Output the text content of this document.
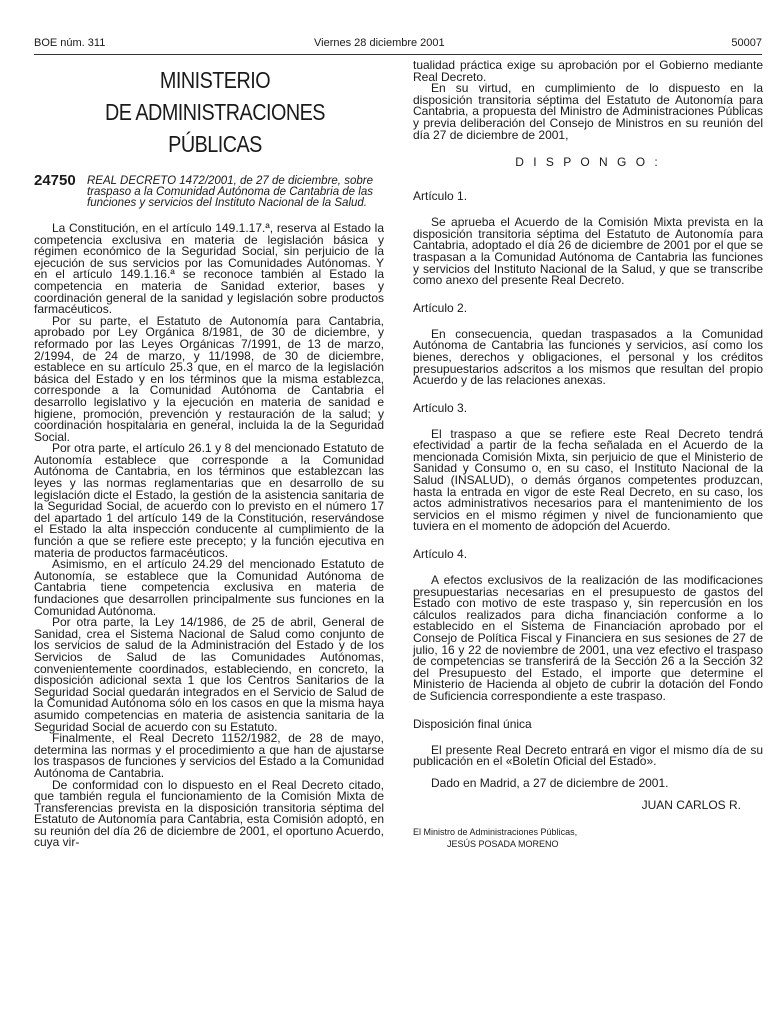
BOE núm. 311	Viernes 28 diciembre 2001	50007
MINISTERIO
DE ADMINISTRACIONES
PÚBLICAS
24750 REAL DECRETO 1472/2001, de 27 de diciembre, sobre traspaso a la Comunidad Autónoma de Cantabria de las funciones y servicios del Instituto Nacional de la Salud.

La Constitución, en el artículo 149.1.17.ª, reserva al Estado la competencia exclusiva en materia de legislación básica y régimen económico de la Seguridad Social, sin perjuicio de la ejecución de sus servicios por las Comunidades Autónomas. Y en el artículo 149.1.16.ª se reconoce también al Estado la competencia en materia de Sanidad exterior, bases y coordinación general de la sanidad y legislación sobre productos farmacéuticos.

Por su parte, el Estatuto de Autonomía para Cantabria, aprobado por Ley Orgánica 8/1981, de 30 de diciembre, y reformado por las Leyes Orgánicas 7/1991, de 13 de marzo, 2/1994, de 24 de marzo, y 11/1998, de 30 de diciembre, establece en su artículo 25.3 que, en el marco de la legislación básica del Estado y en los términos que la misma establezca, corresponde a la Comunidad Autónoma de Cantabria el desarrollo legislativo y la ejecución en materia de sanidad e higiene, promoción, prevención y restauración de la salud; y coordinación hospitalaria en general, incluida la de la Seguridad Social.

Por otra parte, el artículo 26.1 y 8 del mencionado Estatuto de Autonomía establece que corresponde a la Comunidad Autónoma de Cantabria, en los términos que establezcan las leyes y las normas reglamentarias que en desarrollo de su legislación dicte el Estado, la gestión de la asistencia sanitaria de la Seguridad Social, de acuerdo con lo previsto en el número 17 del apartado 1 del artículo 149 de la Constitución, reservándose el Estado la alta inspección conducente al cumplimiento de la función a que se refiere este precepto; y la función ejecutiva en materia de productos farmacéuticos.

Asimismo, en el artículo 24.29 del mencionado Estatuto de Autonomía, se establece que la Comunidad Autónoma de Cantabria tiene competencia exclusiva en materia de fundaciones que desarrollen principalmente sus funciones en la Comunidad Autónoma.

Por otra parte, la Ley 14/1986, de 25 de abril, General de Sanidad, crea el Sistema Nacional de Salud como conjunto de los servicios de salud de la Administración del Estado y de los Servicios de Salud de las Comunidades Autónomas, convenientemente coordinados, estableciendo, en concreto, la disposición adicional sexta 1 que los Centros Sanitarios de la Seguridad Social quedarán integrados en el Servicio de Salud de la Comunidad Autónoma sólo en los casos en que la misma haya asumido competencias en materia de asistencia sanitaria de la Seguridad Social de acuerdo con su Estatuto.

Finalmente, el Real Decreto 1152/1982, de 28 de mayo, determina las normas y el procedimiento a que han de ajustarse los traspasos de funciones y servicios del Estado a la Comunidad Autónoma de Cantabria.

De conformidad con lo dispuesto en el Real Decreto citado, que también regula el funcionamiento de la Comisión Mixta de Transferencias prevista en la disposición transitoria séptima del Estatuto de Autonomía para Cantabria, esta Comisión adoptó, en su reunión del día 26 de diciembre de 2001, el oportuno Acuerdo, cuya vir-

tualidad práctica exige su aprobación por el Gobierno mediante Real Decreto.

En su virtud, en cumplimiento de lo dispuesto en la disposición transitoria séptima del Estatuto de Autonomía para Cantabria, a propuesta del Ministro de Administraciones Públicas y previa deliberación del Consejo de Ministros en su reunión del día 27 de diciembre de 2001,

D I S P O N G O :
Artículo 1.

Se aprueba el Acuerdo de la Comisión Mixta prevista en la disposición transitoria séptima del Estatuto de Autonomía para Cantabria, adoptado el día 26 de diciembre de 2001 por el que se traspasan a la Comunidad Autónoma de Cantabria las funciones y servicios del Instituto Nacional de la Salud, y que se transcribe como anexo del presente Real Decreto.

Artículo 2.

En consecuencia, quedan traspasados a la Comunidad Autónoma de Cantabria las funciones y servicios, así como los bienes, derechos y obligaciones, el personal y los créditos presupuestarios adscritos a los mismos que resultan del propio Acuerdo y de las relaciones anexas.

Artículo 3.

El traspaso a que se refiere este Real Decreto tendrá efectividad a partir de la fecha señalada en el Acuerdo de la mencionada Comisión Mixta, sin perjuicio de que el Ministerio de Sanidad y Consumo o, en su caso, el Instituto Nacional de la Salud (INSALUD), o demás órganos competentes produzcan, hasta la entrada en vigor de este Real Decreto, en su caso, los actos administrativos necesarios para el mantenimiento de los servicios en el mismo régimen y nivel de funcionamiento que tuviera en el momento de adopción del Acuerdo.

Artículo 4.

A efectos exclusivos de la realización de las modificaciones presupuestarias necesarias en el presupuesto de gastos del Estado con motivo de este traspaso y, sin repercusión en los cálculos realizados para dicha financiación conforme a lo establecido en el Sistema de Financiación aprobado por el Consejo de Política Fiscal y Financiera en sus sesiones de 27 de julio, 16 y 22 de noviembre de 2001, una vez efectivo el traspaso de competencias se transferirá de la Sección 26 a la Sección 32 del Presupuesto del Estado, el importe que determine el Ministerio de Hacienda al objeto de cubrir la dotación del Fondo de Suficiencia correspondiente a este traspaso.

Disposición final única

El presente Real Decreto entrará en vigor el mismo día de su publicación en el «Boletín Oficial del Estado».

Dado en Madrid, a 27 de diciembre de 2001.

JUAN CARLOS R.
El Ministro de Administraciones Públicas,
JESÚS POSADA MORENO
